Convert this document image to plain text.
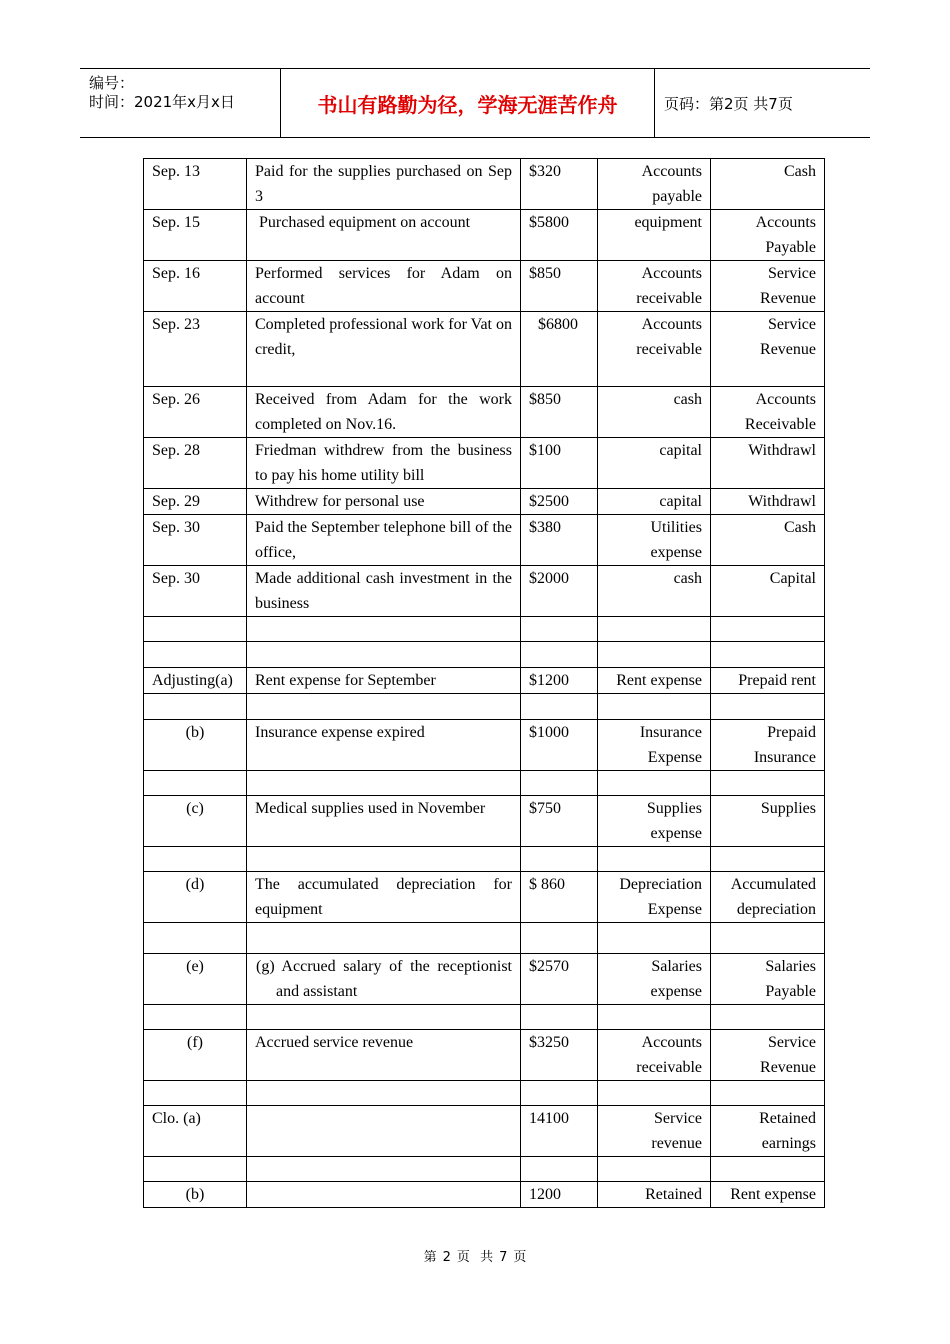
编号：
时间：2021年x月x日	书山有路勤为径，学海无涯苦作舟	页码：第2页 共7页
Sep. 13	Paid for the supplies purchased on Sep 3	$320	Accounts payable	Cash
Sep. 15	Purchased equipment on account	$5800	equipment	Accounts Payable
Sep. 16	Performed services for Adam on account	$850	Accounts receivable	Service Revenue
Sep. 23	Completed professional work for Vat on credit,	$6800	Accounts receivable	Service Revenue
Sep. 26	Received from Adam for the work completed on Nov.16.	$850	cash	Accounts Receivable
Sep. 28	Friedman withdrew from the business to pay his home utility bill	$100	capital	Withdrawl
Sep. 29	Withdrew for personal use	$2500	capital	Withdrawl
Sep. 30	Paid the September telephone bill of the office,	$380	Utilities expense	Cash
Sep. 30	Made additional cash investment in the business	$2000	cash	Capital

Adjusting(a)	Rent expense for September	$1200	Rent expense	Prepaid rent

(b)	Insurance expense expired	$1000	Insurance Expense	Prepaid Insurance

(c)	Medical supplies used in November	$750	Supplies expense	Supplies

(d)	The accumulated depreciation for equipment	$ 860	Depreciation Expense	Accumulated depreciation

(e)	(g) Accrued salary of the receptionist and assistant	$2570	Salaries expense	Salaries Payable

(f)	Accrued service revenue	$3250	Accounts receivable	Service Revenue

Clo. (a)		14100	Service revenue	Retained earnings

(b)		1200	Retained	Rent expense
第 2 页 共 7 页
